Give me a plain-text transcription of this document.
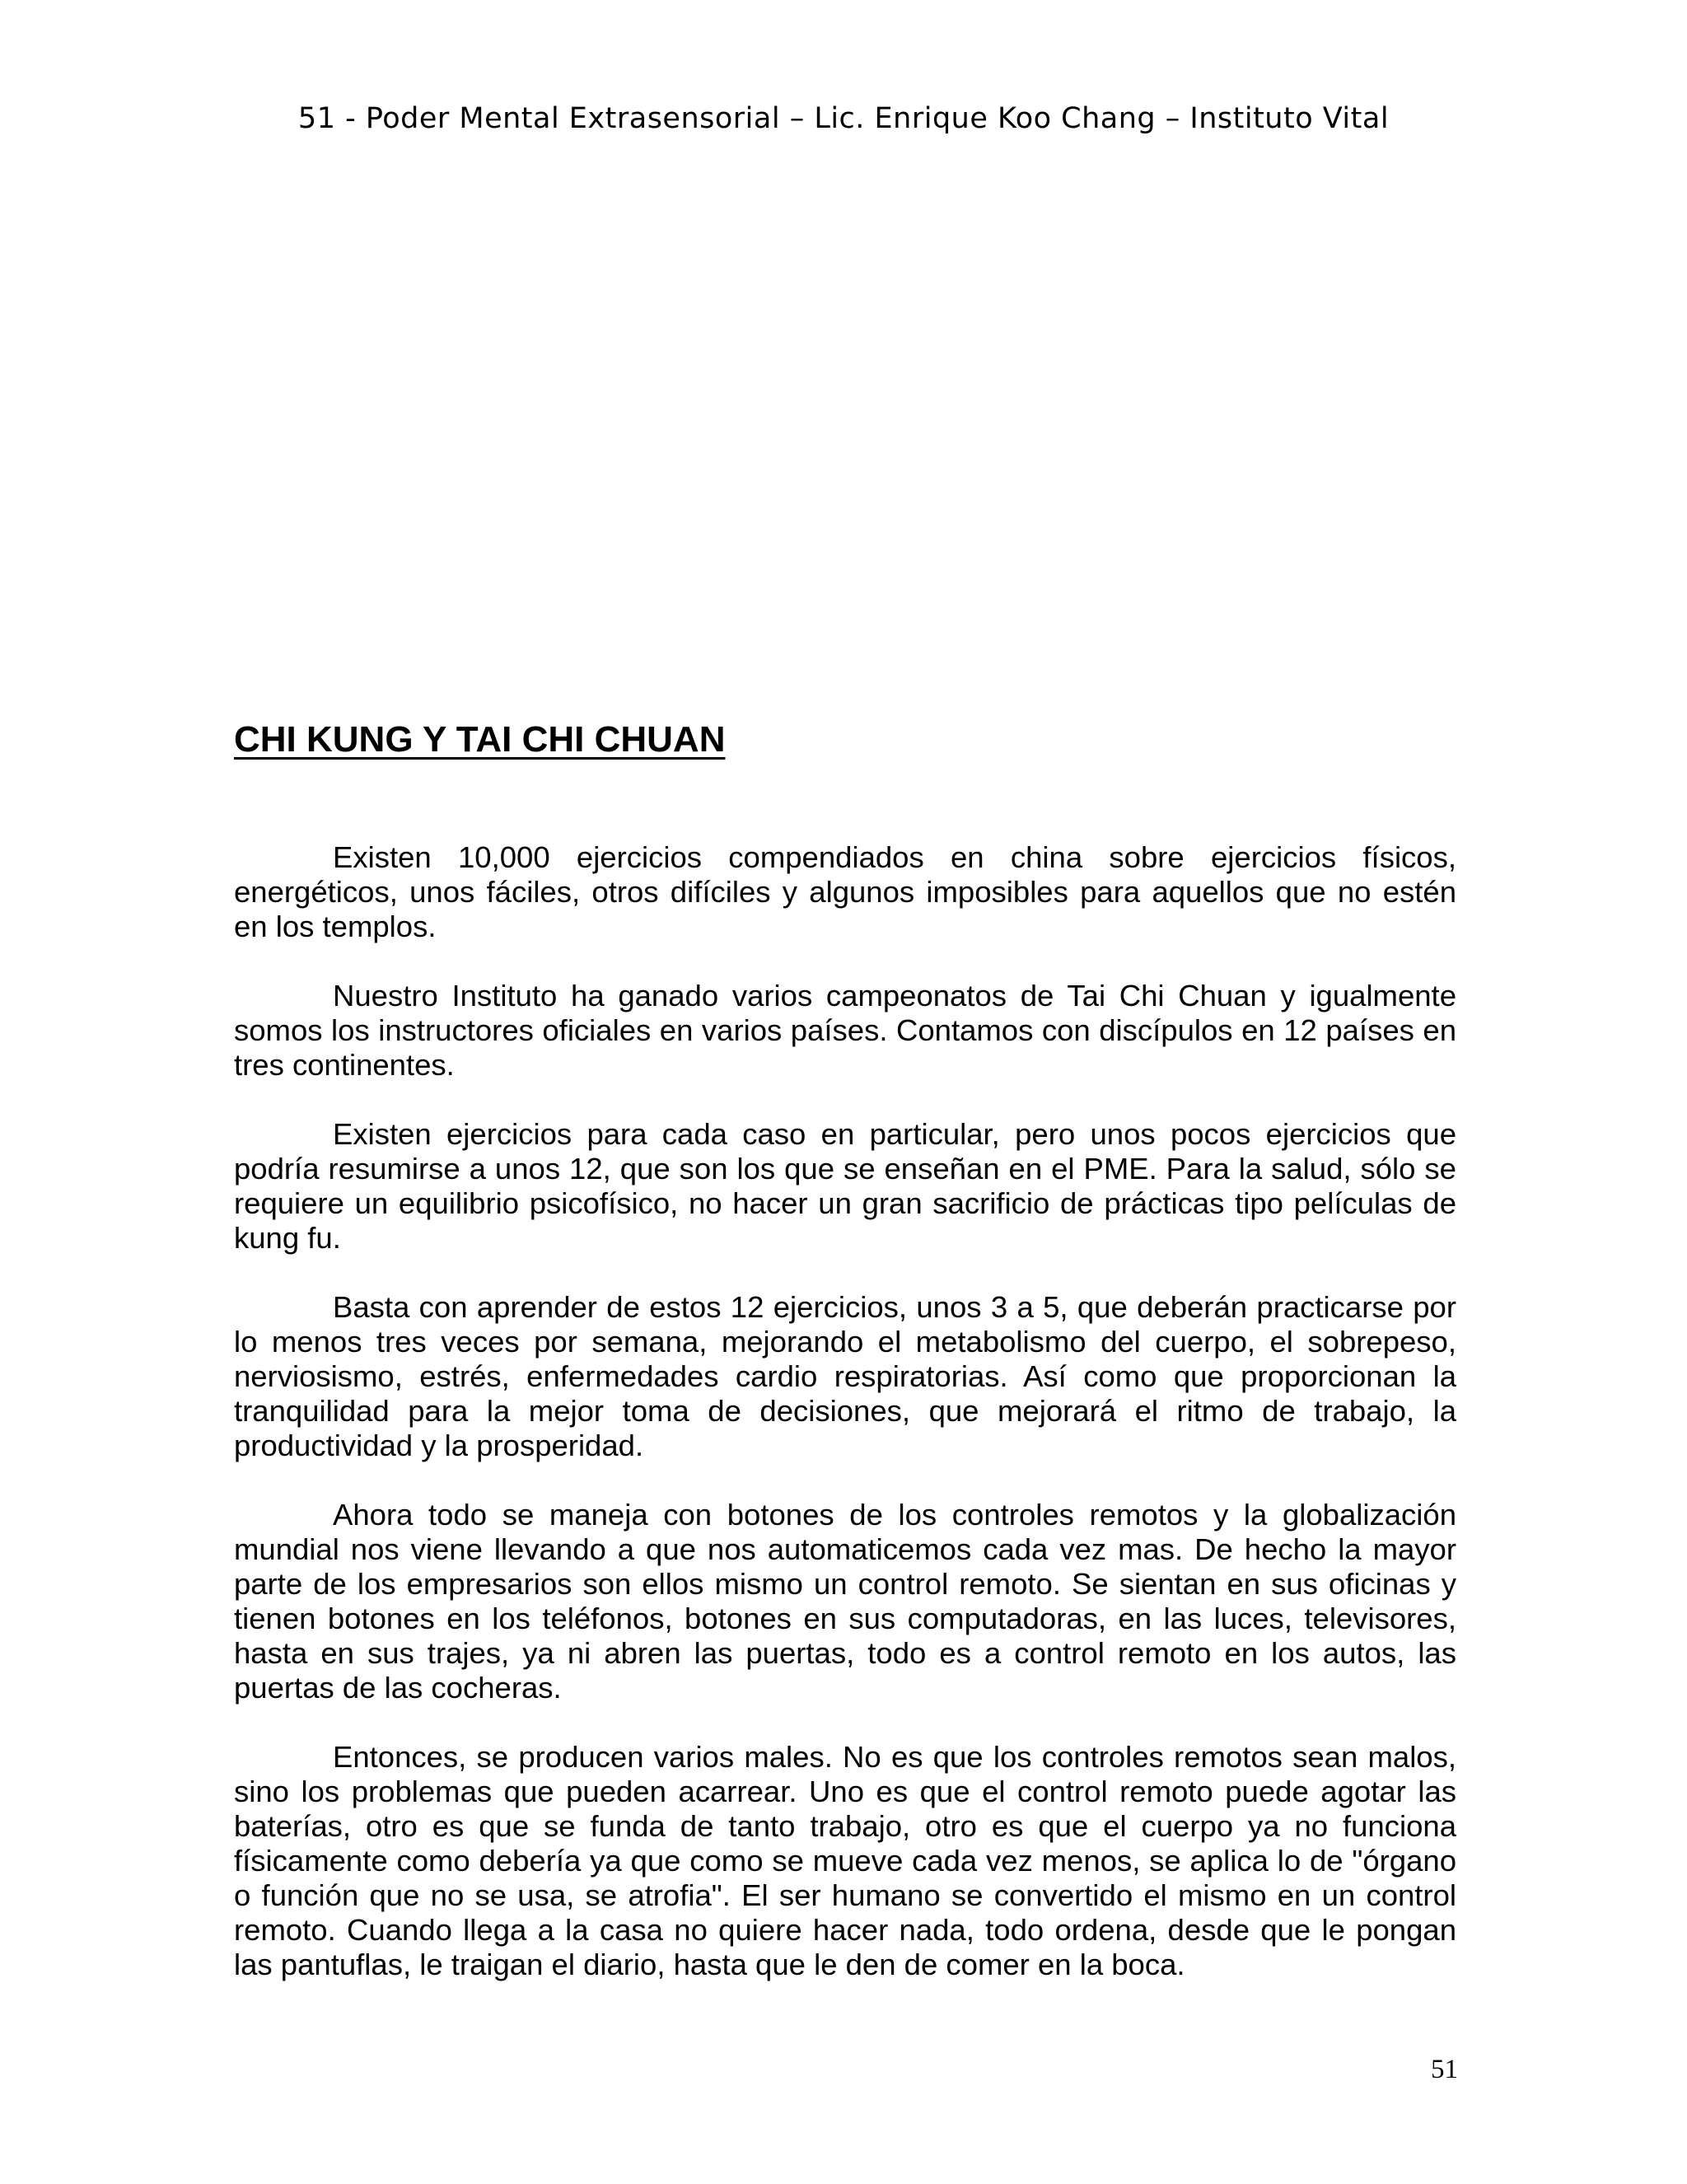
51 - Poder Mental Extrasensorial – Lic. Enrique Koo Chang – Instituto Vital
CHI KUNG Y TAI CHI CHUAN

Existen 10,000 ejercicios compendiados en china sobre ejercicios físicos, energéticos, unos fáciles, otros difíciles y algunos imposibles para aquellos que no estén en los templos.

Nuestro Instituto ha ganado varios campeonatos de Tai Chi Chuan y igualmente somos los instructores oficiales en varios países. Contamos con discípulos en 12 países en tres continentes.

Existen ejercicios para cada caso en particular, pero unos pocos ejercicios que podría resumirse a unos 12, que son los que se enseñan en el PME. Para la salud, sólo se requiere un equilibrio psicofísico, no hacer un gran sacrificio de prácticas tipo películas de kung fu.

Basta con aprender de estos 12 ejercicios, unos 3 a 5, que deberán practicarse por lo menos tres veces por semana, mejorando el metabolismo del cuerpo, el sobrepeso, nerviosismo, estrés, enfermedades cardio respiratorias. Así como que proporcionan la tranquilidad para la mejor toma de decisiones, que mejorará el ritmo de trabajo, la productividad y la prosperidad.

Ahora todo se maneja con botones de los controles remotos y la globalización mundial nos viene llevando a que nos automaticemos cada vez mas. De hecho la mayor parte de los empresarios son ellos mismo un control remoto. Se sientan en sus oficinas y tienen botones en los teléfonos, botones en sus computadoras, en las luces, televisores, hasta en sus trajes, ya ni abren las puertas, todo es a control remoto en los autos, las puertas de las cocheras.

Entonces, se producen varios males. No es que los controles remotos sean malos, sino los problemas que pueden acarrear. Uno es que el control remoto puede agotar las baterías, otro es que se funda de tanto trabajo, otro es que el cuerpo ya no funciona físicamente como debería ya que como se mueve cada vez menos, se aplica lo de "órgano o función que no se usa, se atrofia". El ser humano se convertido el mismo en un control remoto. Cuando llega a la casa no quiere hacer nada, todo ordena, desde que le pongan las pantuflas, le traigan el diario, hasta que le den de comer en la boca.

51
